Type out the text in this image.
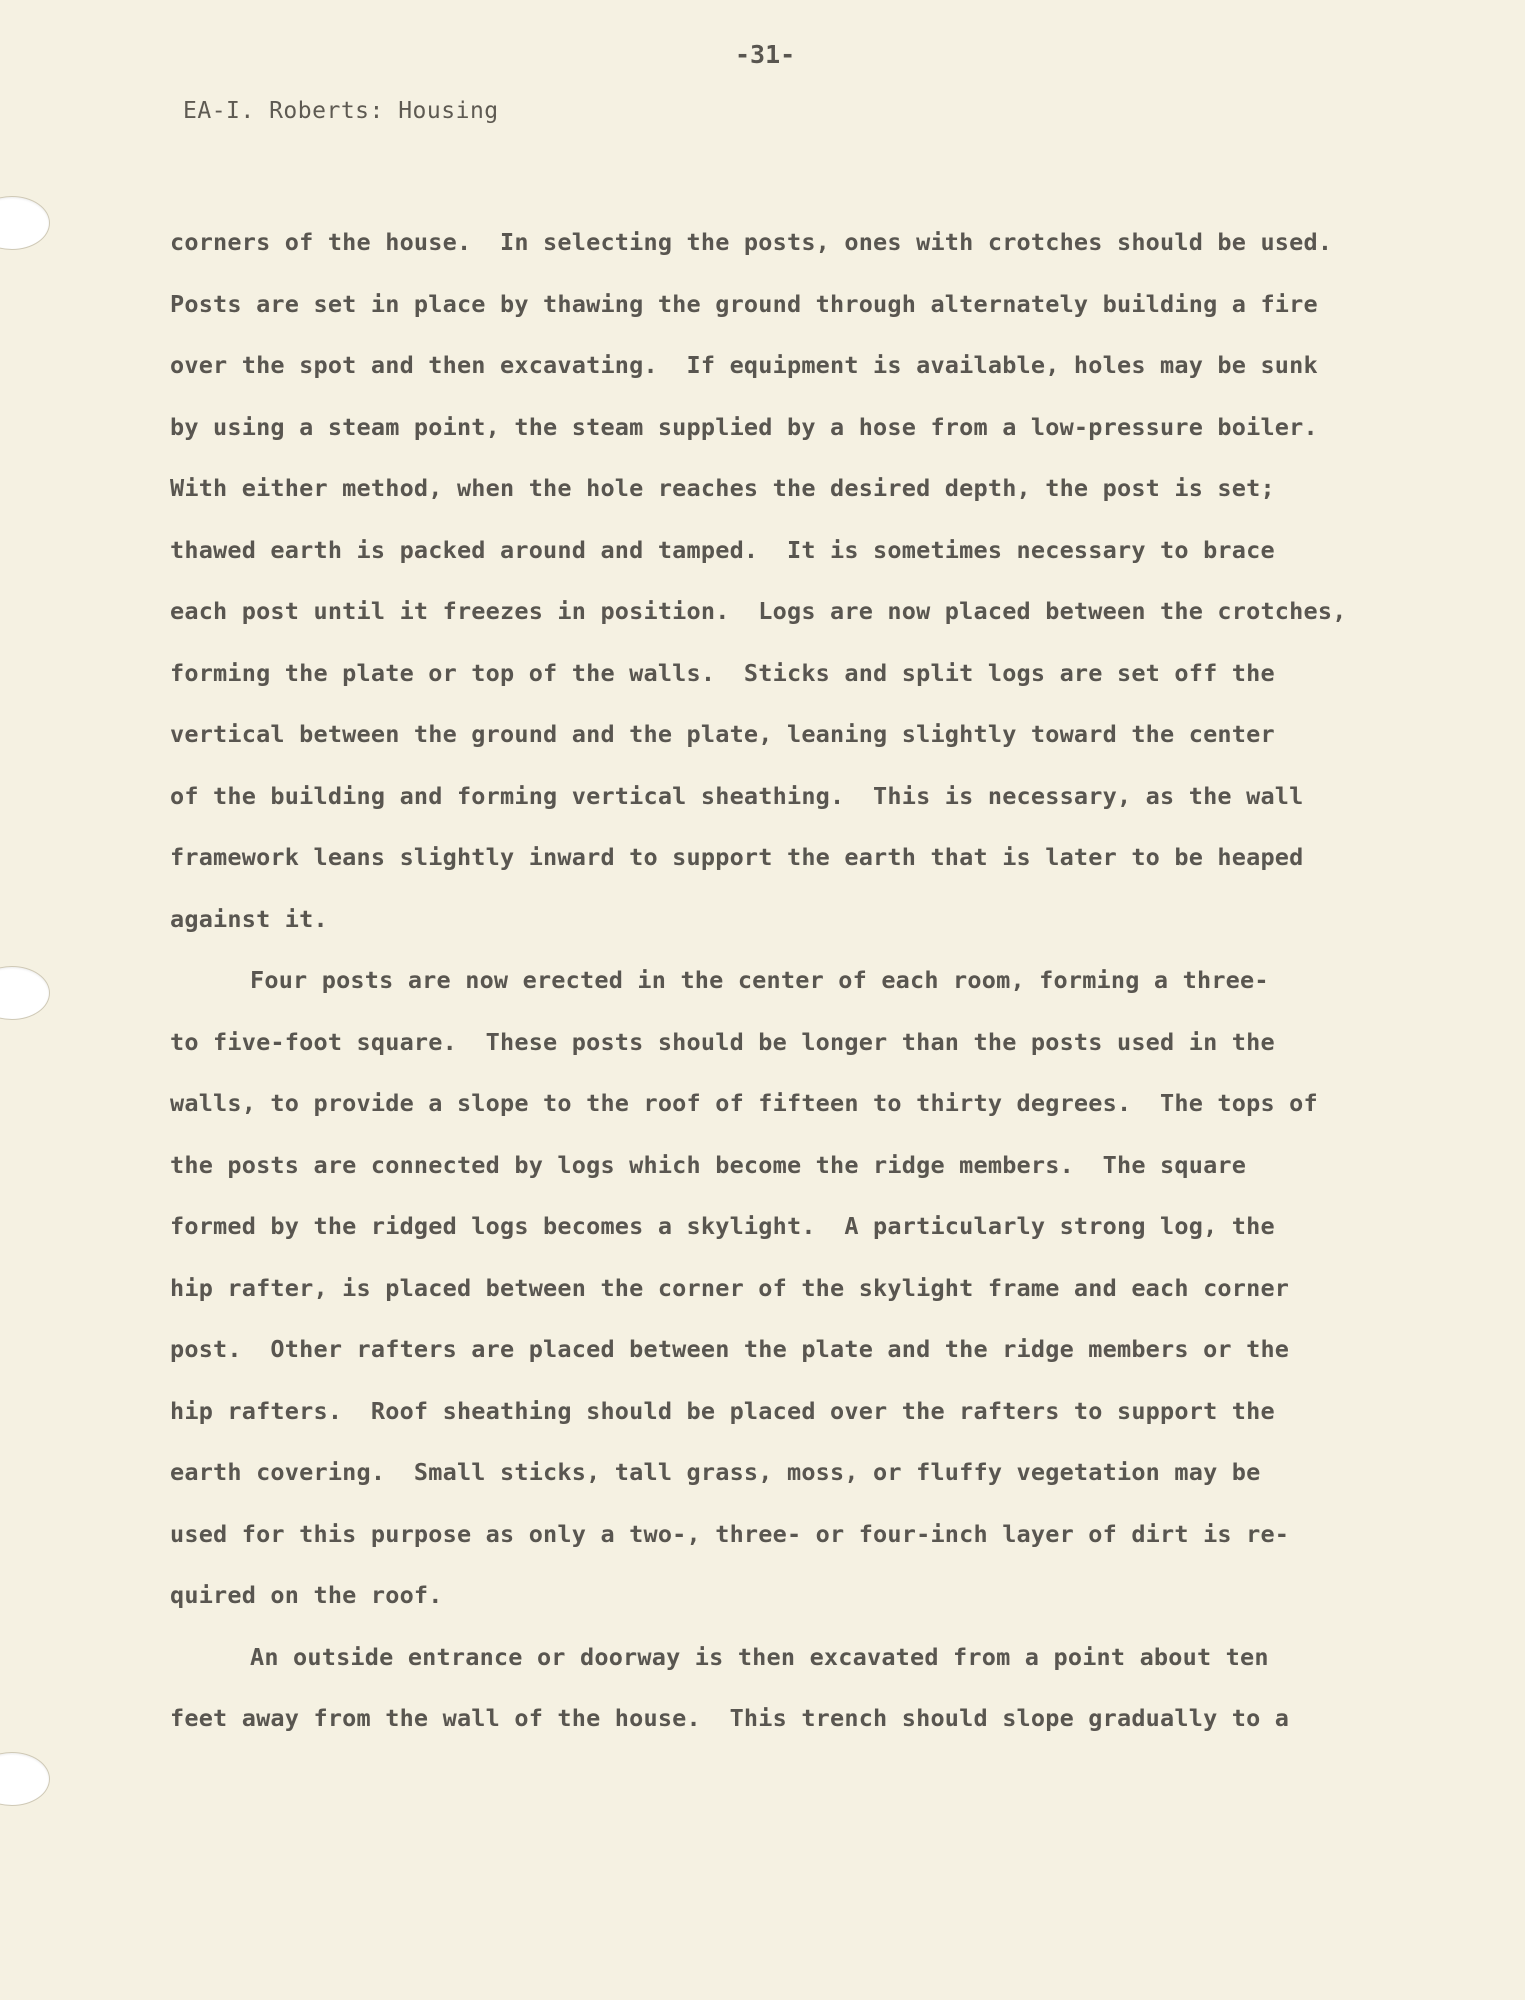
-31-
EA-I. Roberts: Housing
corners of the house.  In selecting the posts, ones with crotches should be used.
Posts are set in place by thawing the ground through alternately building a fire
over the spot and then excavating.  If equipment is available, holes may be sunk
by using a steam point, the steam supplied by a hose from a low-pressure boiler.
With either method, when the hole reaches the desired depth, the post is set;
thawed earth is packed around and tamped.  It is sometimes necessary to brace
each post until it freezes in position.  Logs are now placed between the crotches,
forming the plate or top of the walls.  Sticks and split logs are set off the
vertical between the ground and the plate, leaning slightly toward the center
of the building and forming vertical sheathing.  This is necessary, as the wall
framework leans slightly inward to support the earth that is later to be heaped
against it.
Four posts are now erected in the center of each room, forming a three-
to five-foot square.  These posts should be longer than the posts used in the
walls, to provide a slope to the roof of fifteen to thirty degrees.  The tops of
the posts are connected by logs which become the ridge members.  The square
formed by the ridged logs becomes a skylight.  A particularly strong log, the
hip rafter, is placed between the corner of the skylight frame and each corner
post.  Other rafters are placed between the plate and the ridge members or the
hip rafters.  Roof sheathing should be placed over the rafters to support the
earth covering.  Small sticks, tall grass, moss, or fluffy vegetation may be
used for this purpose as only a two-, three- or four-inch layer of dirt is re-
quired on the roof.
An outside entrance or doorway is then excavated from a point about ten
feet away from the wall of the house.  This trench should slope gradually to a
